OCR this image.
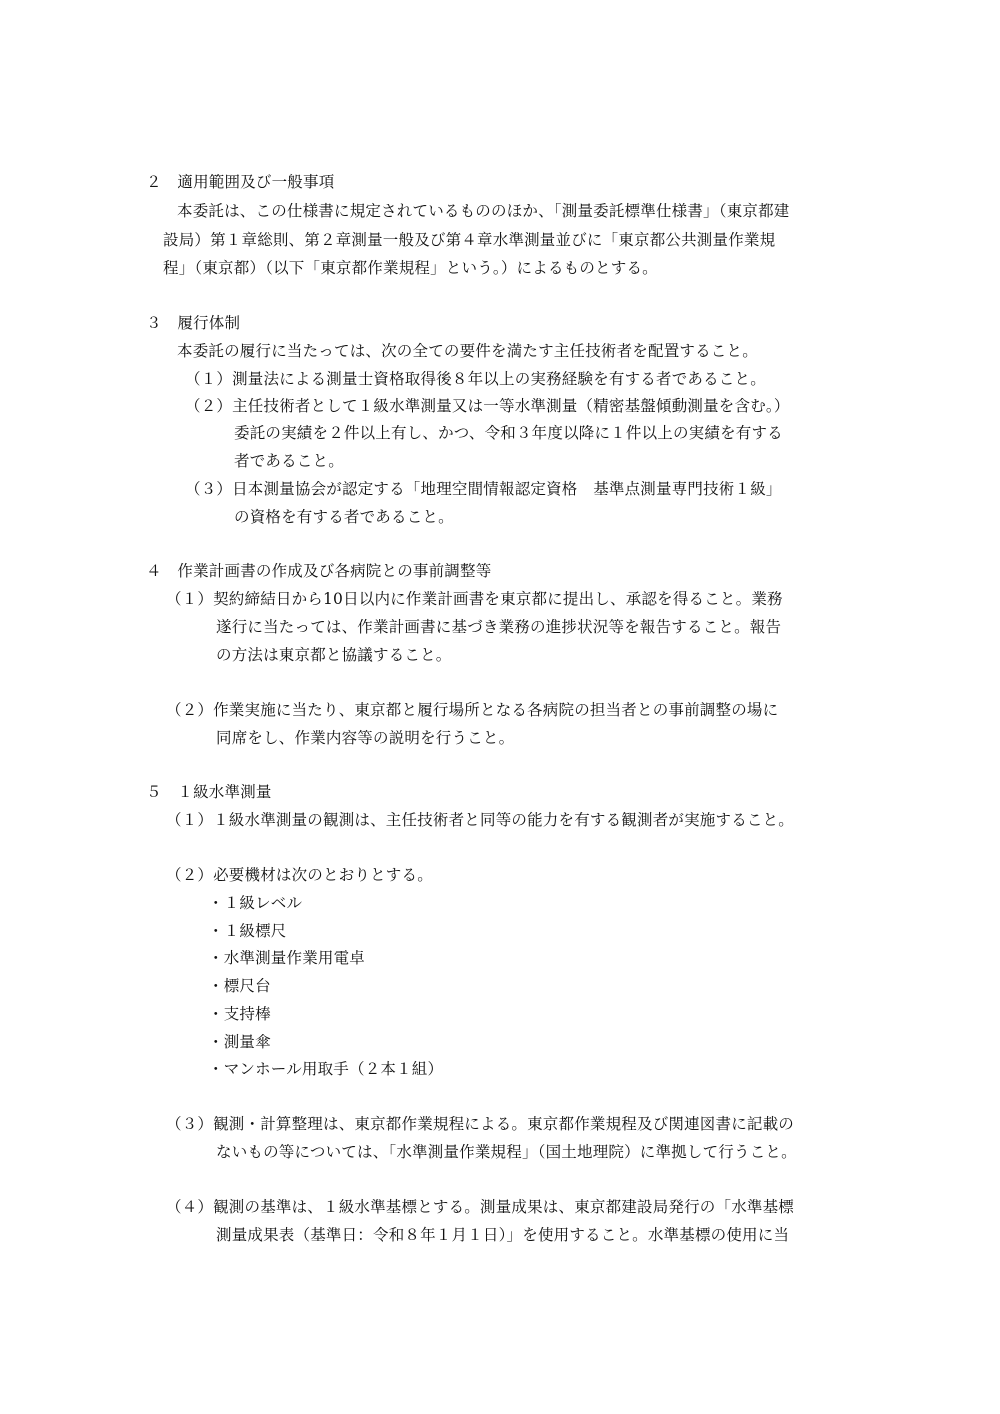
２　適用範囲及び一般事項
本委託は、この仕様書に規定されているもののほか、「測量委託標準仕様書」（東京都建
設局）第１章総則、第２章測量一般及び第４章水準測量並びに「東京都公共測量作業規
程」（東京都）（以下「東京都作業規程」という。）によるものとする。
３　履行体制
本委託の履行に当たっては、次の全ての要件を満たす主任技術者を配置すること。
（１）測量法による測量士資格取得後８年以上の実務経験を有する者であること。
（２）主任技術者として１級水準測量又は一等水準測量（精密基盤傾動測量を含む。）
委託の実績を２件以上有し、かつ、令和３年度以降に１件以上の実績を有する
者であること。
（３）日本測量協会が認定する「地理空間情報認定資格　基準点測量専門技術１級」
の資格を有する者であること。
４　作業計画書の作成及び各病院との事前調整等
（１）契約締結日から10日以内に作業計画書を東京都に提出し、承認を得ること。業務
遂行に当たっては、作業計画書に基づき業務の進捗状況等を報告すること。報告
の方法は東京都と協議すること。
（２）作業実施に当たり、東京都と履行場所となる各病院の担当者との事前調整の場に
同席をし、作業内容等の説明を行うこと。
５　１級水準測量
（１）１級水準測量の観測は、主任技術者と同等の能力を有する観測者が実施すること。
（２）必要機材は次のとおりとする。
・１級レベル
・１級標尺
・水準測量作業用電卓
・標尺台
・支持棒
・測量傘
・マンホール用取手（２本１組）
（３）観測・計算整理は、東京都作業規程による。東京都作業規程及び関連図書に記載の
ないもの等については、「水準測量作業規程」（国土地理院）に準拠して行うこと。
（４）観測の基準は、１級水準基標とする。測量成果は、東京都建設局発行の「水準基標
測量成果表（基準日：令和８年１月１日）」を使用すること。水準基標の使用に当
